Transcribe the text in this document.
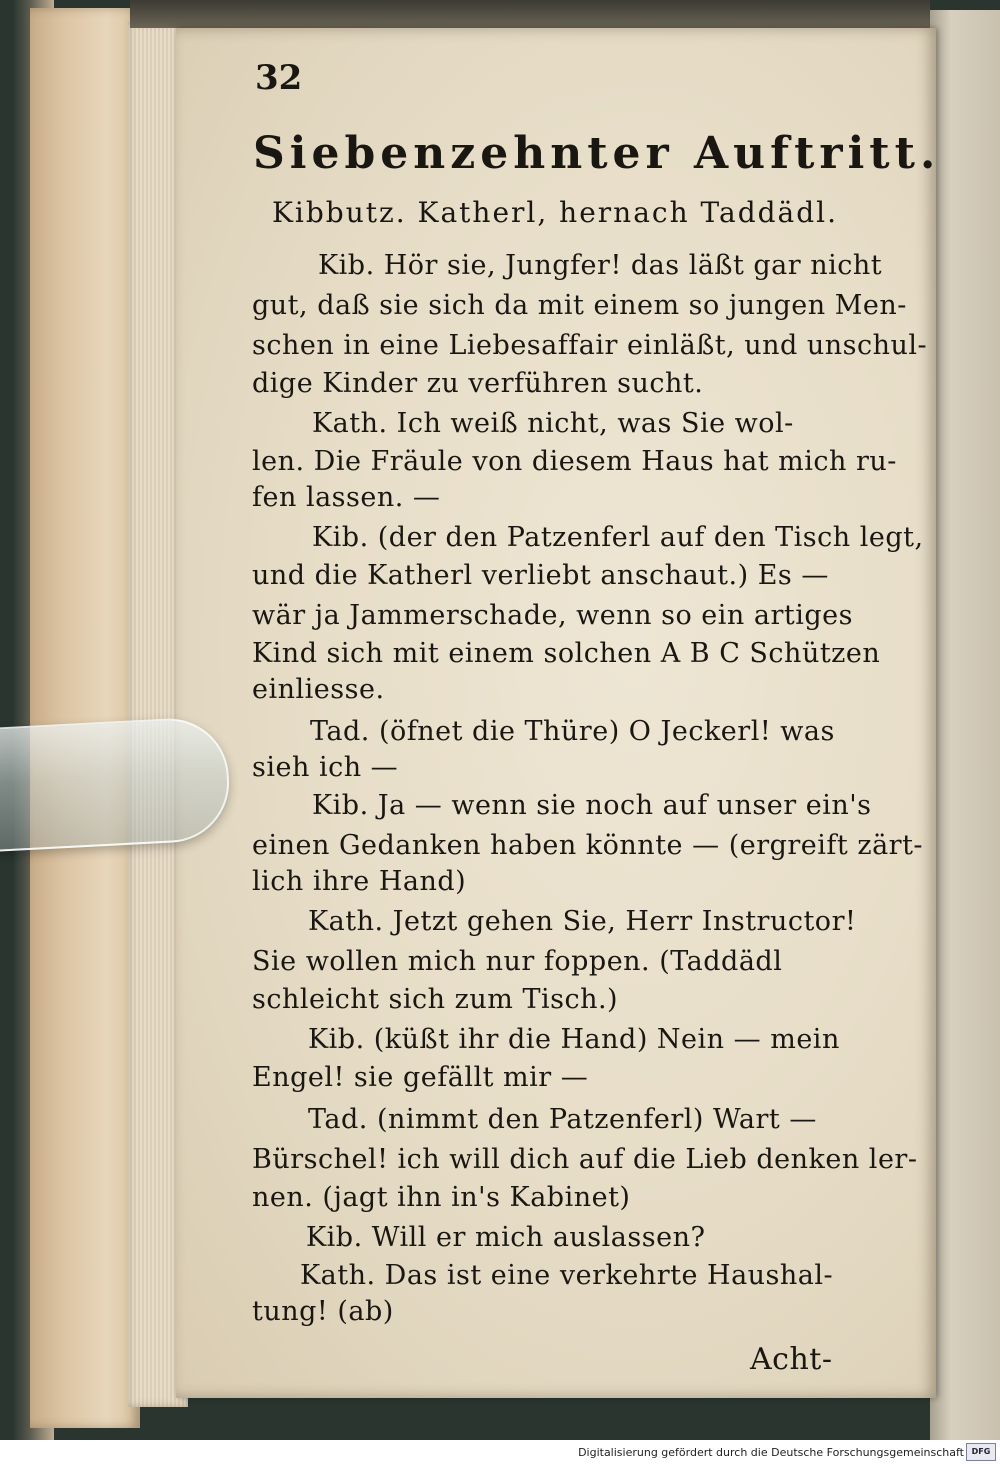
32
Siebenzehnter Auftritt.
Kibbutz. Katherl, hernach Taddädl.
Kib. Hör sie, Jungfer! das läßt gar nicht
gut, daß sie sich da mit einem so jungen Men-
schen in eine Liebesaffair einläßt, und unschul-
dige Kinder zu verführen sucht.
Kath. Ich weiß nicht, was Sie wol-
len. Die Fräule von diesem Haus hat mich ru-
fen lassen. —
Kib. (der den Patzenferl auf den Tisch legt,
und die Katherl verliebt anschaut.) Es —
wär ja Jammerschade, wenn so ein artiges
Kind sich mit einem solchen A B C Schützen
einliesse.
Tad. (öfnet die Thüre) O Jeckerl! was
sieh ich —
Kib. Ja — wenn sie noch auf unser ein's
einen Gedanken haben könnte — (ergreift zärt-
lich ihre Hand)
Kath. Jetzt gehen Sie, Herr Instructor!
Sie wollen mich nur foppen. (Taddädl
schleicht sich zum Tisch.)
Kib. (küßt ihr die Hand) Nein — mein
Engel! sie gefällt mir —
Tad. (nimmt den Patzenferl) Wart —
Bürschel! ich will dich auf die Lieb denken ler-
nen. (jagt ihn in's Kabinet)
Kib. Will er mich auslassen?
Kath. Das ist eine verkehrte Haushal-
tung! (ab)
Acht-
Digitalisierung gefördert durch die Deutsche Forschungsgemeinschaft DFG
